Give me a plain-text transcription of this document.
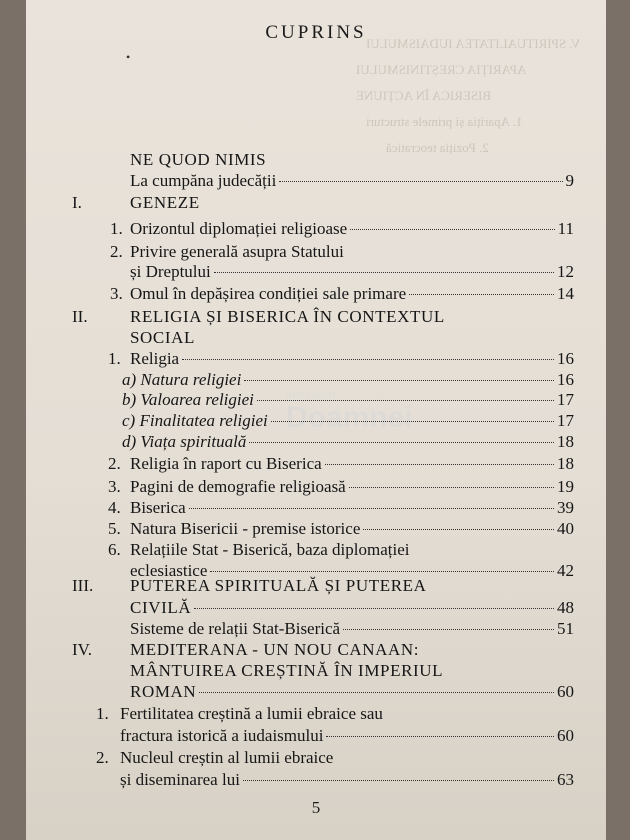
V. SPIRITUALITATEA IUDAISMULUI
APARIȚIA CREȘTINISMULUI
BISERICA ÎN ACȚIUNE
1. Apariția și primele structuri
2. Poziția teocratică
CUPRINS
•
anticariat
Doamnei
NE QUOD NIMIS
La cumpăna judecății	9
I.	GENEZE
1. Orizontul diplomației religioase	11
2. Privire generală asupra Statului
și Dreptului	12
3. Omul în depășirea condiției sale primare	14
II. RELIGIA ȘI BISERICA ÎN CONTEXTUL
SOCIAL
1. Religia	16
a) Natura religiei	16
b) Valoarea religiei	17
c) Finalitatea religiei	17
d) Viața spirituală	18
2. Religia în raport cu Biserica	18
3. Pagini de demografie religioasă	19
4. Biserica	39
5. Natura Bisericii - premise istorice	40
6. Relațiile Stat - Biserică, baza diplomației
eclesiastice	42
III. PUTEREA SPIRITUALĂ ȘI PUTEREA
CIVILĂ	48
Sisteme de relații Stat-Biserică	51
IV. MEDITERANA - UN NOU CANAAN:
MÂNTUIREA CREȘTINĂ ÎN IMPERIUL
ROMAN	60
1. Fertilitatea creștină a lumii ebraice sau
fractura istorică a iudaismului	60
2. Nucleul creștin al lumii ebraice
și diseminarea lui	63
5
